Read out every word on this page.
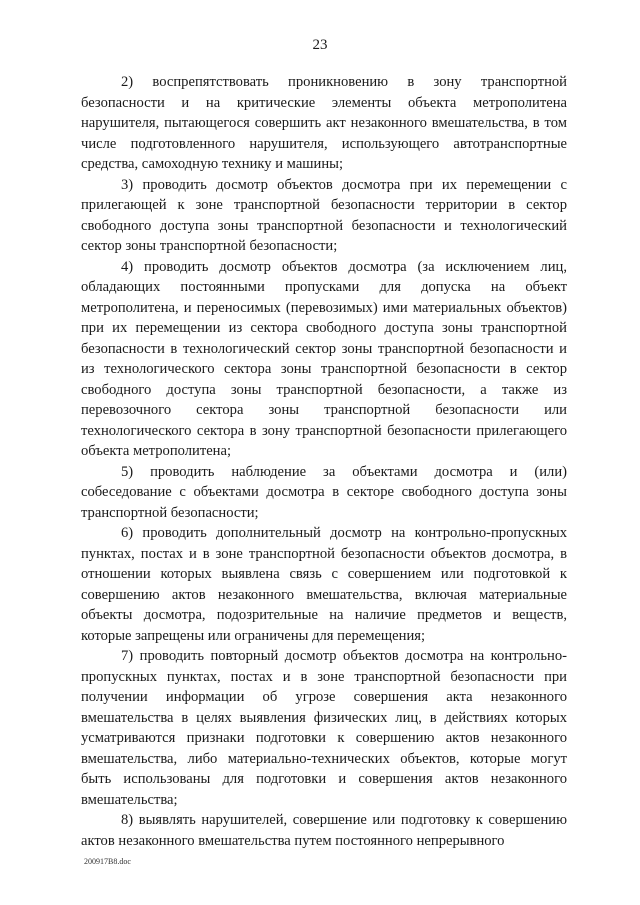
23

2) воспрепятствовать проникновению в зону транспортной безопасности и на критические элементы объекта метрополитена нарушителя, пытающегося совершить акт незаконного вмешательства, в том числе подготовленного нарушителя, использующего автотранспортные средства, самоходную технику и машины;

3) проводить досмотр объектов досмотра при их перемещении с прилегающей к зоне транспортной безопасности территории в сектор свободного доступа зоны транспортной безопасности и технологический сектор зоны транспортной безопасности;

4) проводить досмотр объектов досмотра (за исключением лиц, обладающих постоянными пропусками для допуска на объект метрополитена, и переносимых (перевозимых) ими материальных объектов) при их перемещении из сектора свободного доступа зоны транспортной безопасности в технологический сектор зоны транспортной безопасности и из технологического сектора зоны транспортной безопасности в сектор свободного доступа зоны транспортной безопасности, а также из перевозочного сектора зоны транспортной безопасности или технологического сектора в зону транспортной безопасности прилегающего объекта метрополитена;

5) проводить наблюдение за объектами досмотра и (или) собеседование с объектами досмотра в секторе свободного доступа зоны транспортной безопасности;

6) проводить дополнительный досмотр на контрольно-пропускных пунктах, постах и в зоне транспортной безопасности объектов досмотра, в отношении которых выявлена связь с совершением или подготовкой к совершению актов незаконного вмешательства, включая материальные объекты досмотра, подозрительные на наличие предметов и веществ, которые запрещены или ограничены для перемещения;

7) проводить повторный досмотр объектов досмотра на контрольно-пропускных пунктах, постах и в зоне транспортной безопасности при получении информации об угрозе совершения акта незаконного вмешательства в целях выявления физических лиц, в действиях которых усматриваются признаки подготовки к совершению актов незаконного вмешательства, либо материально-технических объектов, которые могут быть использованы для подготовки и совершения актов незаконного вмешательства;

8) выявлять нарушителей, совершение или подготовку к совершению актов незаконного вмешательства путем постоянного непрерывного

200917В8.doc
